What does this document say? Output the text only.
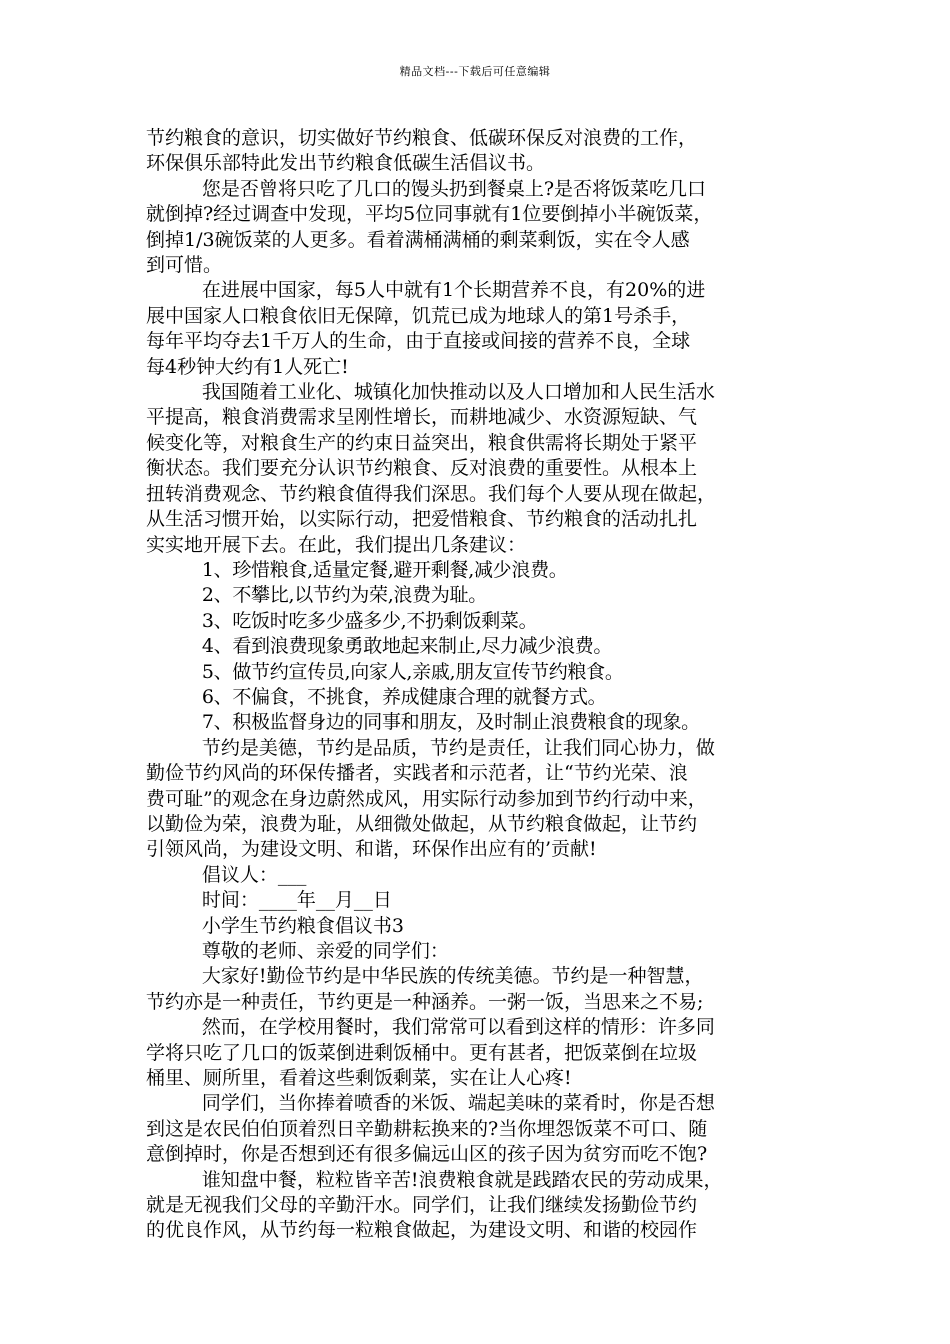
精品文档---下载后可任意编辑

节约粮食的意识，切实做好节约粮食、低碳环保反对浪费的工作，
环保俱乐部特此发出节约粮食低碳生活倡议书。

您是否曾将只吃了几口的馒头扔到餐桌上?是否将饭菜吃几口
就倒掉?经过调查中发现，平均5位同事就有1位要倒掉小半碗饭菜，
倒掉1/3碗饭菜的人更多。看着满桶满桶的剩菜剩饭，实在令人感
到可惜。

在进展中国家，每5人中就有1个长期营养不良，有20%的进
展中国家人口粮食依旧无保障，饥荒已成为地球人的第1号杀手，
每年平均夺去1千万人的生命，由于直接或间接的营养不良，全球
每4秒钟大约有1人死亡!

我国随着工业化、城镇化加快推动以及人口增加和人民生活水
平提高，粮食消费需求呈刚性增长，而耕地减少、水资源短缺、气
候变化等，对粮食生产的约束日益突出，粮食供需将长期处于紧平
衡状态。我们要充分认识节约粮食、反对浪费的重要性。从根本上
扭转消费观念、节约粮食值得我们深思。我们每个人要从现在做起，
从生活习惯开始，以实际行动，把爱惜粮食、节约粮食的活动扎扎
实实地开展下去。在此，我们提出几条建议：

1、珍惜粮食,适量定餐,避开剩餐,减少浪费。

2、不攀比,以节约为荣,浪费为耻。

3、吃饭时吃多少盛多少,不扔剩饭剩菜。

4、看到浪费现象勇敢地起来制止,尽力减少浪费。

5、做节约宣传员,向家人,亲戚,朋友宣传节约粮食。

6、不偏食，不挑食，养成健康合理的就餐方式。

7、积极监督身边的同事和朋友，及时制止浪费粮食的现象。

节约是美德，节约是品质，节约是责任，让我们同心协力，做
勤俭节约风尚的环保传播者，实践者和示范者，让“节约光荣、浪
费可耻”的观念在身边蔚然成风，用实际行动参加到节约行动中来，
以勤俭为荣，浪费为耻，从细微处做起，从节约粮食做起，让节约
引领风尚，为建设文明、和谐，环保作出应有的’贡献!

倡议人：___

时间：____年__月__日

小学生节约粮食倡议书3

尊敬的老师、亲爱的同学们：

大家好!勤俭节约是中华民族的传统美德。节约是一种智慧，
节约亦是一种责任，节约更是一种涵养。一粥一饭，当思来之不易;

然而，在学校用餐时，我们常常可以看到这样的情形：许多同
学将只吃了几口的饭菜倒进剩饭桶中。更有甚者，把饭菜倒在垃圾
桶里、厕所里，看着这些剩饭剩菜，实在让人心疼!

同学们，当你捧着喷香的米饭、端起美味的菜肴时，你是否想
到这是农民伯伯顶着烈日辛勤耕耘换来的?当你埋怨饭菜不可口、随
意倒掉时，你是否想到还有很多偏远山区的孩子因为贫穷而吃不饱?

谁知盘中餐，粒粒皆辛苦!浪费粮食就是践踏农民的劳动成果，
就是无视我们父母的辛勤汗水。同学们，让我们继续发扬勤俭节约
的优良作风，从节约每一粒粮食做起，为建设文明、和谐的校园作
